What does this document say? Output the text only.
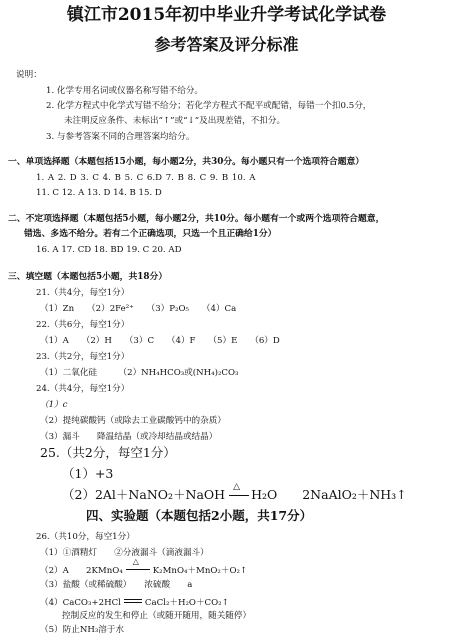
镇江市2015年初中毕业升学考试化学试卷
参考答案及评分标准
说明：
1. 化学专用名词或仪器名称写错不给分。
2. 化学方程式中化学式写错不给分；若化学方程式不配平或配错，每错一个扣0.5分，
未注明反应条件、未标出“↑”或“↓”及出现差错，不扣分。
3. 与参考答案不同的合理答案均给分。
一、单项选择题（本题包括15小题，每小题2分，共30分。每小题只有一个选项符合题意）
1. A 2. D 3. C 4. B 5. C 6.D 7. B 8. C 9. B 10. A
11. C 12. A 13. D 14. B 15. D
二、不定项选择题（本题包括5小题，每小题2分，共10分。每小题有一个或两个选项符合题意，
错选、多选不给分。若有二个正确选项，只选一个且正确给1分）
16. A 17. CD 18. BD 19. C 20. AD
三、填空题（本题包括5小题，共18分）
21.（共4分，每空1分）
（1）Zn　　（2）2Fe²⁺　　（3）P₂O₅　　（4）Ca
22.（共6分，每空1分）
（1）A　　（2）H　　（3）C　　（4）F　　（5）E　　（6）D
23.（共2分，每空1分）
（1）二氧化硅　　　（2）NH₄HCO₃或(NH₄)₂CO₃
24.（共4分，每空1分）
（1）c
（2）提纯碳酸钙（或除去工业碳酸钙中的杂质）
（3）漏斗　　降温结晶（或冷却结晶或结晶）
25.（共2分，每空1分）
（1）+3
（2）2Al＋NaNO₂＋NaOH △ H₂O　　2NaAlO₂＋NH₃↑
四、实验题（本题包括2小题，共17分）
26.（共10分，每空1分）
（1）①酒精灯　　②分液漏斗（滴液漏斗）
（2）A　　2KMnO₄
△
K₂MnO₄＋MnO₂＋O₂↑
（3）盐酸（或稀硫酸）　　浓硫酸　　a
（4）CaCO₃+2HCl	CaCl₂＋H₂O＋CO₂↑
控制反应的发生和停止（或随开随用，随关随停）
（5）防止NH₃溶于水
